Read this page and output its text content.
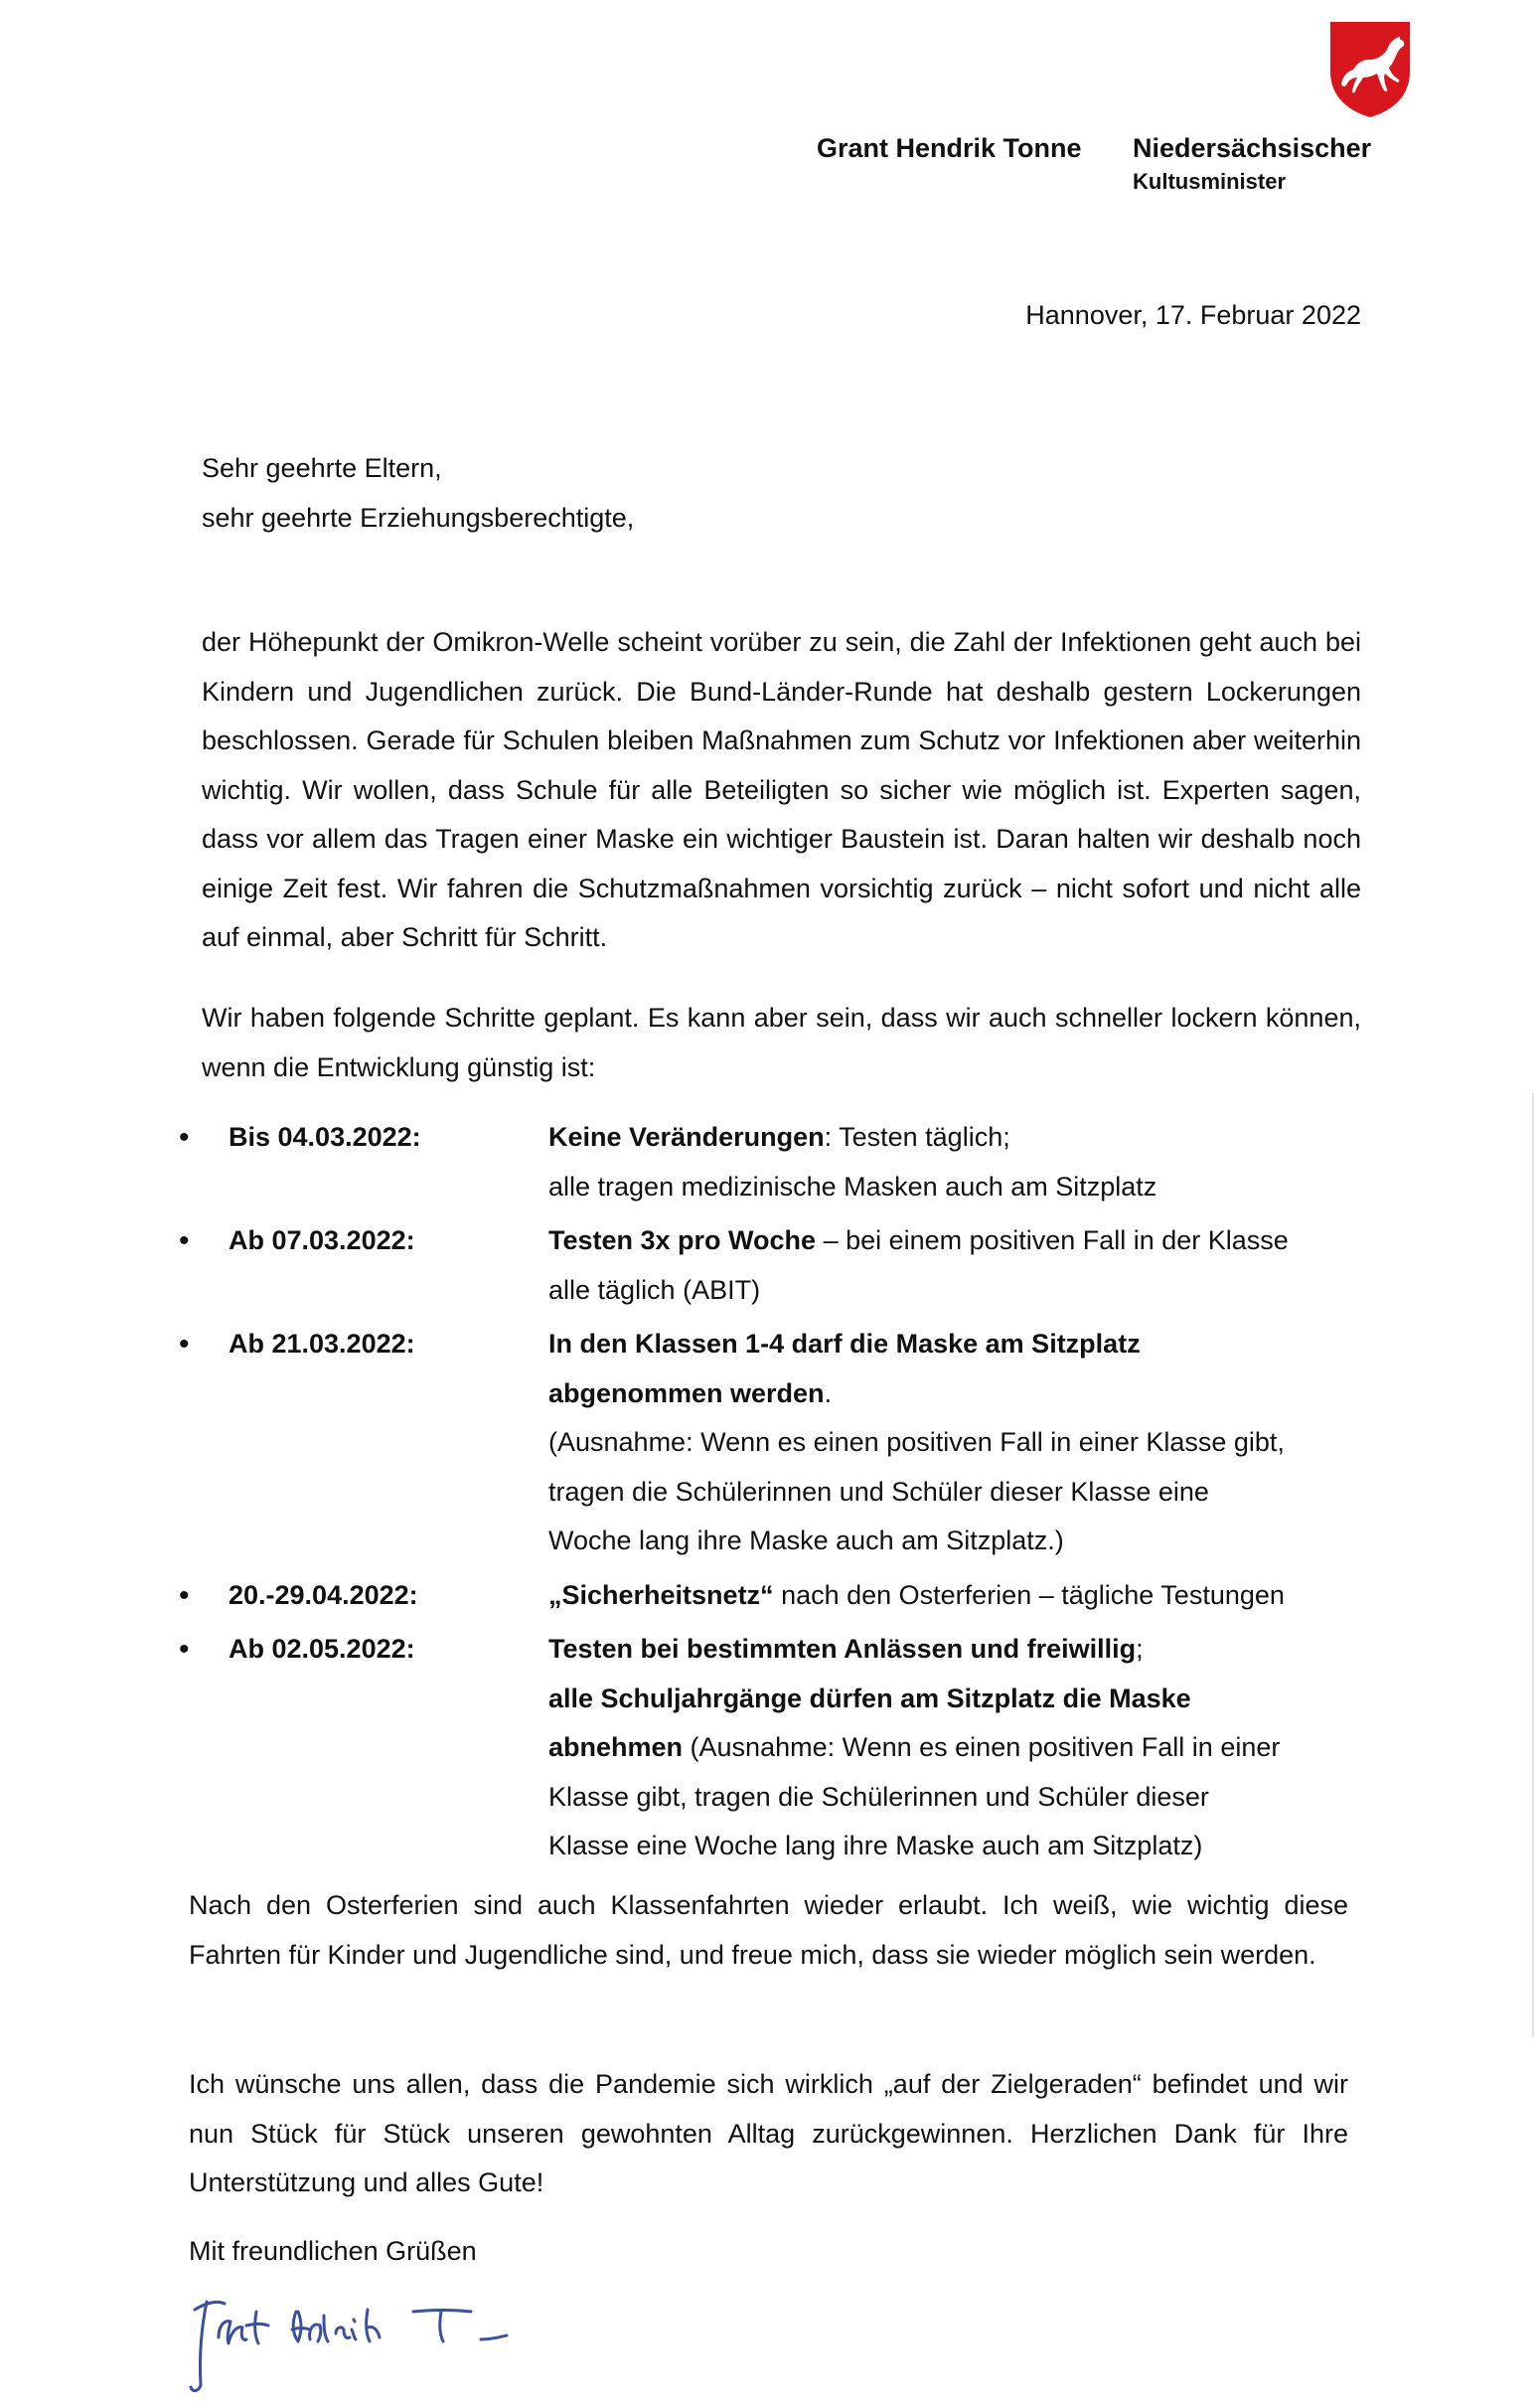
Grant Hendrik Tonne Niedersächsischer
Kultusminister
Hannover, 17. Februar 2022
Sehr geehrte Eltern,
sehr geehrte Erziehungsberechtigte,
der Höhepunkt der Omikron-Welle scheint vorüber zu sein, die Zahl der Infektionen geht auch bei Kindern und Jugendlichen zurück. Die Bund-Länder-Runde hat deshalb gestern Lockerungen beschlossen. Gerade für Schulen bleiben Maßnahmen zum Schutz vor Infektionen aber weiterhin wichtig. Wir wollen, dass Schule für alle Beteiligten so sicher wie möglich ist. Experten sagen, dass vor allem das Tragen einer Maske ein wichtiger Baustein ist. Daran halten wir deshalb noch einige Zeit fest. Wir fahren die Schutzmaßnahmen vorsichtig zurück – nicht sofort und nicht alle auf einmal, aber Schritt für Schritt.
Wir haben folgende Schritte geplant. Es kann aber sein, dass wir auch schneller lockern können, wenn die Entwicklung günstig ist:
•	Bis 04.03.2022:	Keine Veränderungen: Testen täglich;
alle tragen medizinische Masken auch am Sitzplatz
•	Ab 07.03.2022:	Testen 3x pro Woche – bei einem positiven Fall in der Klasse
alle täglich (ABIT)
•	Ab 21.03.2022:	In den Klassen 1-4 darf die Maske am Sitzplatz
abgenommen werden.
(Ausnahme: Wenn es einen positiven Fall in einer Klasse gibt,
tragen die Schülerinnen und Schüler dieser Klasse eine
Woche lang ihre Maske auch am Sitzplatz.)
•	20.-29.04.2022:	„Sicherheitsnetz“ nach den Osterferien – tägliche Testungen
•	Ab 02.05.2022:	Testen bei bestimmten Anlässen und freiwillig;
alle Schuljahrgänge dürfen am Sitzplatz die Maske
abnehmen (Ausnahme: Wenn es einen positiven Fall in einer
Klasse gibt, tragen die Schülerinnen und Schüler dieser
Klasse eine Woche lang ihre Maske auch am Sitzplatz)
Nach den Osterferien sind auch Klassenfahrten wieder erlaubt. Ich weiß, wie wichtig diese Fahrten für Kinder und Jugendliche sind, und freue mich, dass sie wieder möglich sein werden.
Ich wünsche uns allen, dass die Pandemie sich wirklich „auf der Zielgeraden“ befindet und wir nun Stück für Stück unseren gewohnten Alltag zurückgewinnen. Herzlichen Dank für Ihre Unterstützung und alles Gute!
Mit freundlichen Grüßen
